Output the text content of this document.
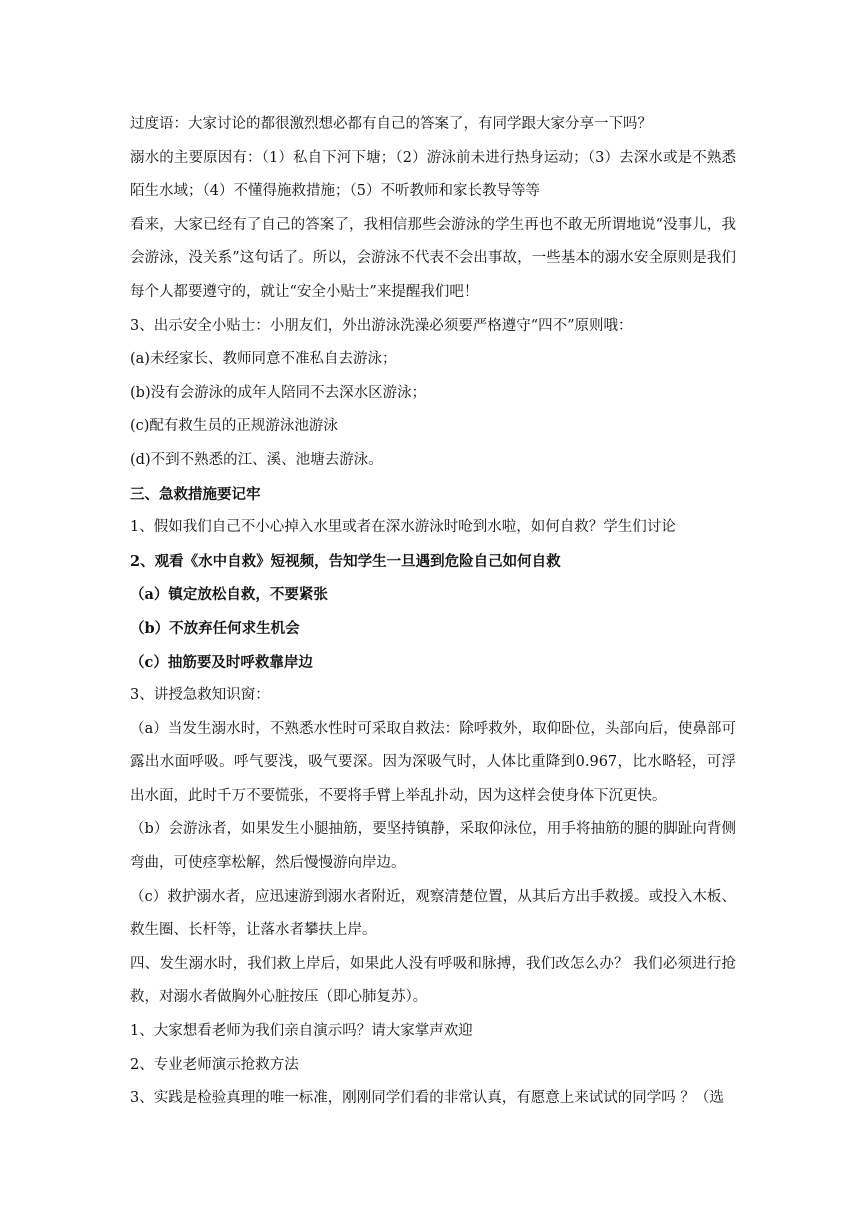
过度语：大家讨论的都很激烈想必都有自己的答案了，有同学跟大家分享一下吗？

溺水的主要原因有：（1）私自下河下塘；（2）游泳前未进行热身运动；（3）去深水或是不熟悉陌生水域；（4）不懂得施救措施；（5）不听教师和家长教导等等

看来，大家已经有了自己的答案了，我相信那些会游泳的学生再也不敢无所谓地说“没事儿，我会游泳，没关系”这句话了。所以，会游泳不代表不会出事故，一些基本的溺水安全原则是我们每个人都要遵守的，就让“安全小贴士”来提醒我们吧！

3、出示安全小贴士：小朋友们，外出游泳洗澡必须要严格遵守“四不”原则哦：

(a)未经家长、教师同意不准私自去游泳；

(b)没有会游泳的成年人陪同不去深水区游泳；

(c)配有救生员的正规游泳池游泳

(d)不到不熟悉的江、溪、池塘去游泳。

三、急救措施要记牢

1、假如我们自己不小心掉入水里或者在深水游泳时呛到水啦，如何自救？学生们讨论

2、观看《水中自救》短视频，告知学生一旦遇到危险自己如何自救

（a）镇定放松自救，不要紧张

（b）不放弃任何求生机会

（c）抽筋要及时呼救靠岸边

3、讲授急救知识窗：

（a）当发生溺水时，不熟悉水性时可采取自救法：除呼救外，取仰卧位，头部向后，使鼻部可露出水面呼吸。呼气要浅，吸气要深。因为深吸气时，人体比重降到0.967，比水略轻，可浮出水面，此时千万不要慌张，不要将手臂上举乱扑动，因为这样会使身体下沉更快。

（b）会游泳者，如果发生小腿抽筋，要坚持镇静，采取仰泳位，用手将抽筋的腿的脚趾向背侧弯曲，可使痉挛松解，然后慢慢游向岸边。

（c）救护溺水者，应迅速游到溺水者附近，观察清楚位置，从其后方出手救援。或投入木板、救生圈、长杆等，让落水者攀扶上岸。

四、发生溺水时，我们救上岸后，如果此人没有呼吸和脉搏，我们改怎么办？ 我们必须进行抢救，对溺水者做胸外心脏按压（即心肺复苏）。

1、大家想看老师为我们亲自演示吗？请大家掌声欢迎

2、专业老师演示抢救方法

3、实践是检验真理的唯一标准，刚刚同学们看的非常认真，有愿意上来试试的同学吗 ？（选
